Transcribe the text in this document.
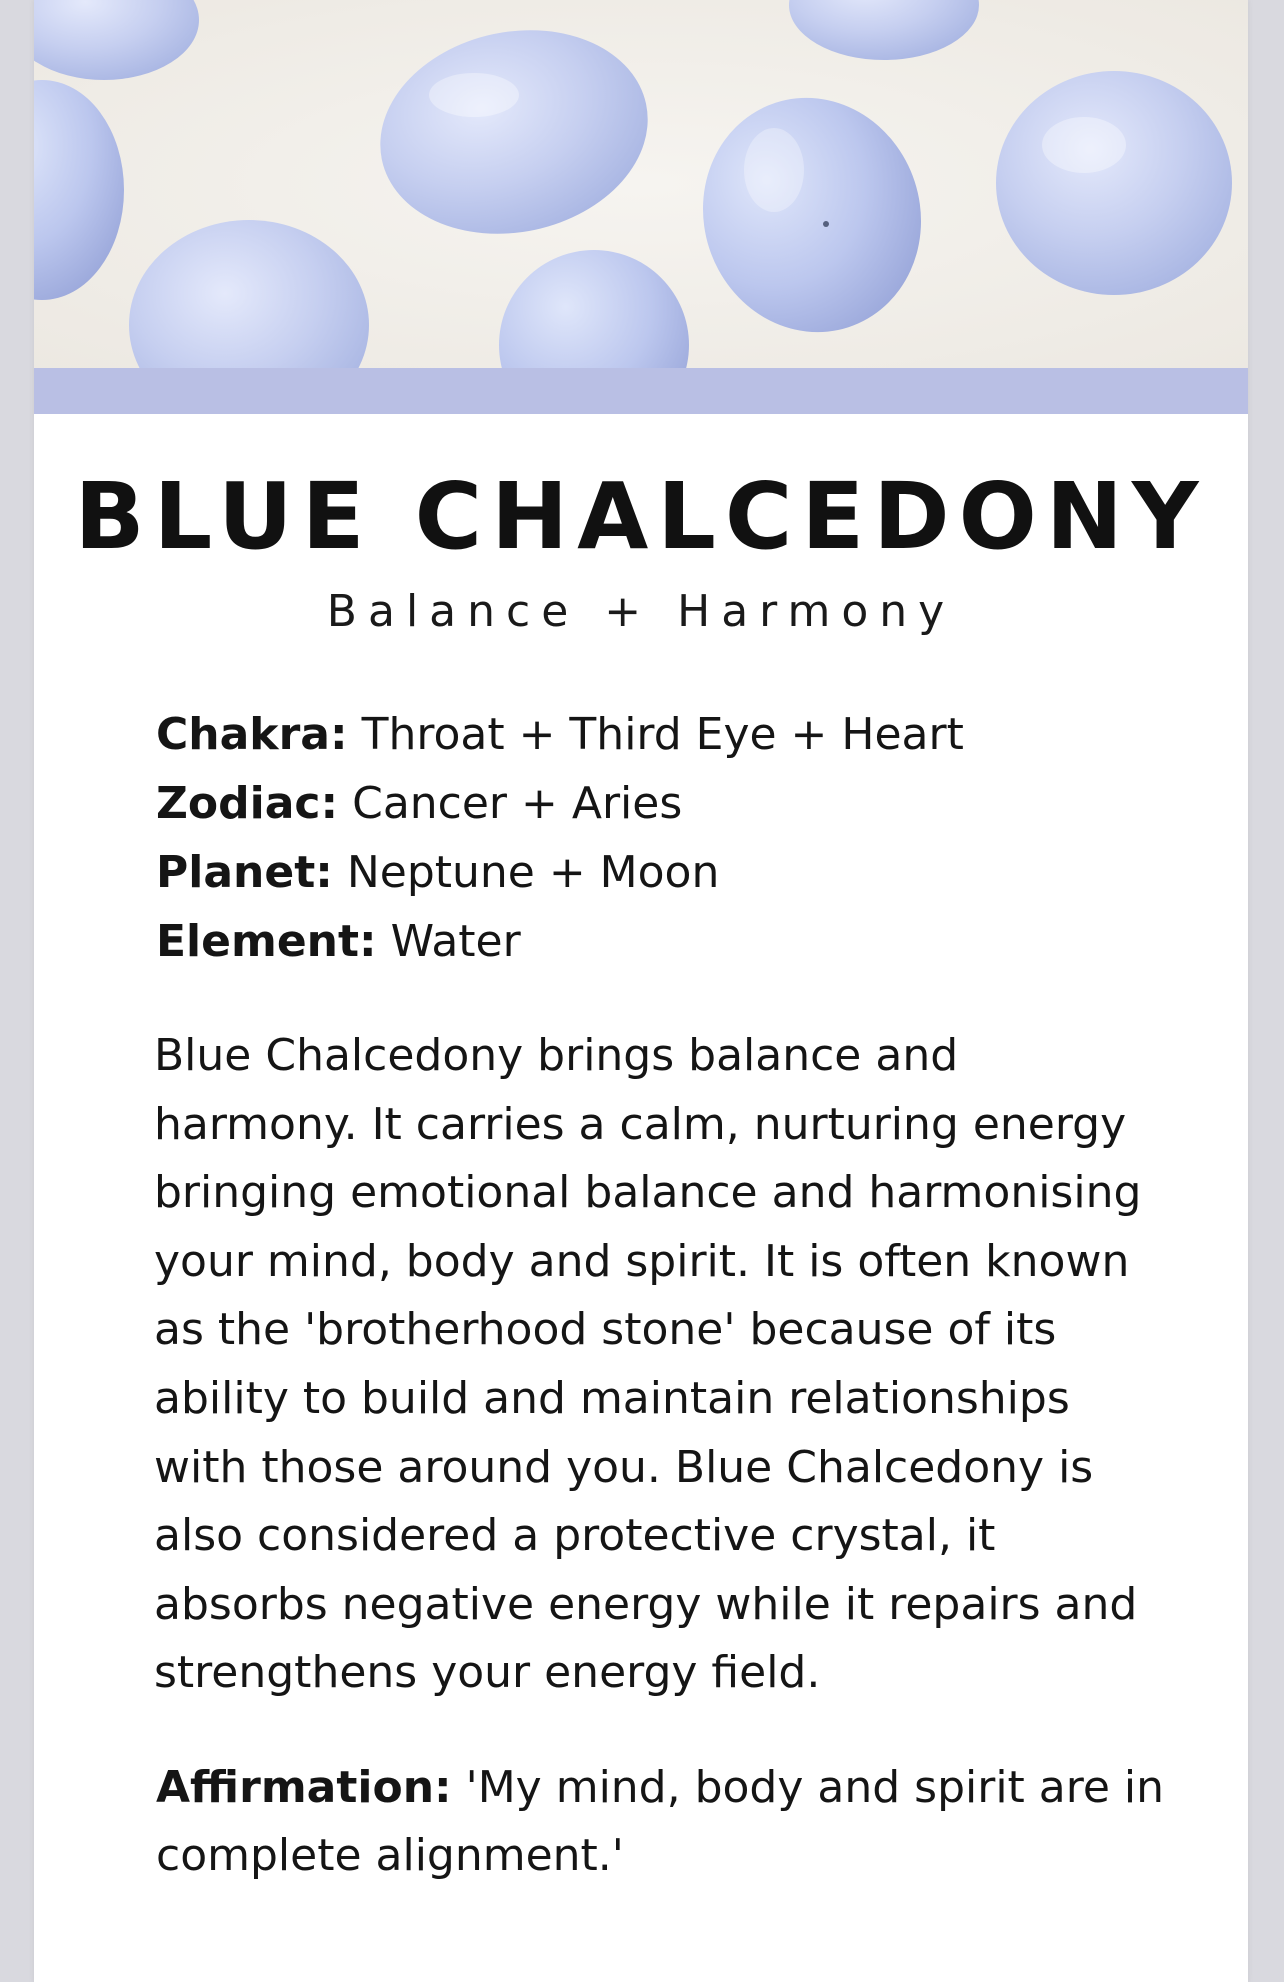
BLUE CHALCEDONY
Balance + Harmony
Chakra: Throat + Third Eye + Heart
Zodiac: Cancer + Aries
Planet: Neptune + Moon
Element: Water

Blue Chalcedony brings balance and harmony. It carries a calm, nurturing energy bringing emotional balance and harmonising your mind, body and spirit. It is often known as the 'brotherhood stone' because of its ability to build and maintain relationships with those around you. Blue Chalcedony is also considered a protective crystal, it absorbs negative energy while it repairs and strengthens your energy field.

Affirmation: 'My mind, body and spirit are in complete alignment.'
